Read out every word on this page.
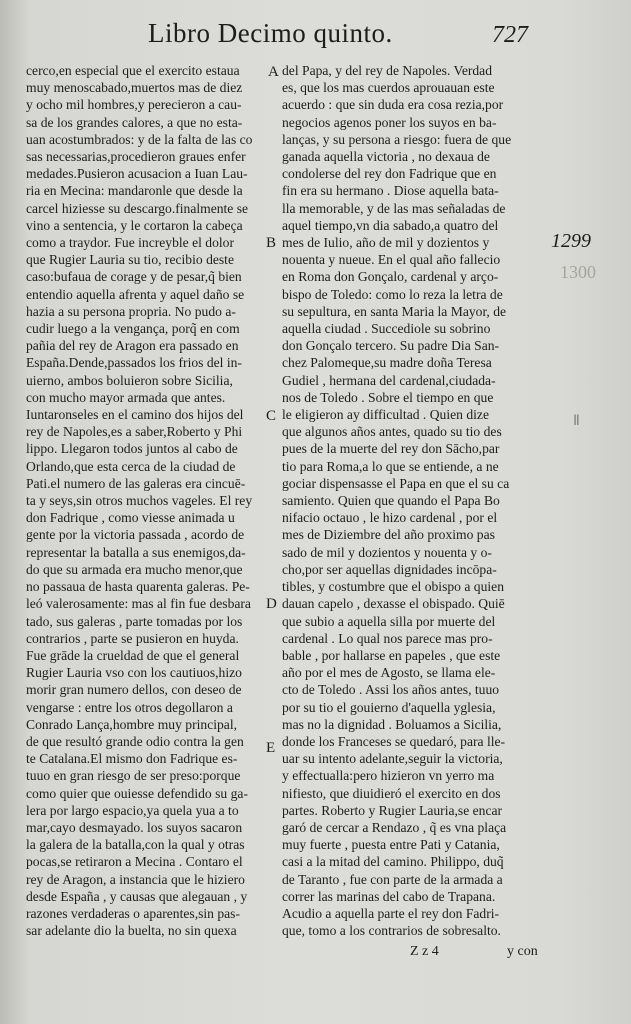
Libro Decimo quinto.	727
cerco,en especial que el exercito estaua
muy menoscabado,muertos mas de diez
y ocho mil hombres,y perecieron a cau-
sa de los grandes calores, a que no esta-
uan acostumbrados: y de la falta de las co
sas necessarias,procedieron graues enfer
medades.Pusieron acusacion a Iuan Lau-
ria en Mecina: mandaronle que desde la
carcel hiziesse su descargo.finalmente se
vino a sentencia, y le cortaron la cabeça
como a traydor. Fue increyble el dolor
que Rugier Lauria su tio, recibio deste
caso:bufaua de corage y de pesar,q̃ bien
entendio aquella afrenta y aquel daño se
hazia a su persona propria. No pudo a-
cudir luego a la vengança, porq̃ en com
pañia del rey de Aragon era passado en
España.Dende,passados los frios del in-
uierno, ambos boluieron sobre Sicilia,
con mucho mayor armada que antes.
Iuntaronseles en el camino dos hijos del
rey de Napoles,es a saber,Roberto y Phi
lippo. Llegaron todos juntos al cabo de
Orlando,que esta cerca de la ciudad de
Pati.el numero de las galeras era cincuē-
ta y seys,sin otros muchos vageles. El rey
don Fadrique , como viesse animada u
gente por la victoria passada , acordo de
representar la batalla a sus enemigos,da-
do que su armada era mucho menor,que
no passaua de hasta quarenta galeras. Pe-
leó valerosamente: mas al fin fue desbara
tado, sus galeras , parte tomadas por los
contrarios , parte se pusieron en huyda.
Fue grāde la crueldad de que el general
Rugier Lauria vso con los cautiuos,hizo
morir gran numero dellos, con deseo de
vengarse : entre los otros degollaron a
Conrado Lança,hombre muy principal,
de que resultó grande odio contra la gen
te Catalana.El mismo don Fadrique es-
tuuo en gran riesgo de ser preso:porque
como quier que ouiesse defendido su ga-
lera por largo espacio,ya quela yua a to
mar,cayo desmayado. los suyos sacaron
la galera de la batalla,con la qual y otras
pocas,se retiraron a Mecina . Contaro el
rey de Aragon, a instancia que le hiziero
desde España , y causas que alegauan , y
razones verdaderas o aparentes,sin pas-
sar adelante dio la buelta, no sin quexa
del Papa, y del rey de Napoles. Verdad
es, que los mas cuerdos aprouauan este
acuerdo : que sin duda era cosa rezia,por
negocios agenos poner los suyos en ba-
lanças, y su persona a riesgo: fuera de que
ganada aquella victoria , no dexaua de
condolerse del rey don Fadrique que en
fin era su hermano . Diose aquella bata-
lla memorable, y de las mas señaladas de
aquel tiempo,vn dia sabado,a quatro del
mes de Iulio, año de mil y dozientos y
nouenta y nueue. En el qual año fallecio
en Roma don Gonçalo, cardenal y arço-
bispo de Toledo: como lo reza la letra de
su sepultura, en santa Maria la Mayor, de
aquella ciudad . Succediole su sobrino
don Gonçalo tercero. Su padre Dia San-
chez Palomeque,su madre doña Teresa
Gudiel , hermana del cardenal,ciudada-
nos de Toledo . Sobre el tiempo en que
le eligieron ay difficultad . Quien dize
que algunos años antes, quado su tio des
pues de la muerte del rey don Sācho,par
tio para Roma,a lo que se entiende, a ne
gociar dispensasse el Papa en que el su ca
samiento. Quien que quando el Papa Bo
nifacio octauo , le hizo cardenal , por el
mes de Diziembre del año proximo pas
sado de mil y dozientos y nouenta y o-
cho,por ser aquellas dignidades incōpa-
tibles, y costumbre que el obispo a quien
dauan capelo , dexasse el obispado. Quiē
que subio a aquella silla por muerte del
cardenal . Lo qual nos parece mas pro-
bable , por hallarse en papeles , que este
año por el mes de Agosto, se llama ele-
cto de Toledo . Assi los años antes, tuuo
por su tio el gouierno d'aquella yglesia,
mas no la dignidad . Boluamos a Sicilia,
donde los Franceses se quedaró, para lle-
uar su intento adelante,seguir la victoria,
y effectualla:pero hizieron vn yerro ma
nifiesto, que diuidieró el exercito en dos
partes. Roberto y Rugier Lauria,se encar
garó de cercar a Rendazo , q̃ es vna plaça
muy fuerte , puesta entre Pati y Catania,
casi a la mitad del camino. Philippo, duq̃
de Taranto , fue con parte de la armada a
correr las marinas del cabo de Trapana.
Acudio a aquella parte el rey don Fadri-
que, tomo a los contrarios de sobresalto.
A
B
C
D
E
1299
1300
ǁ
Z z 4	y con
